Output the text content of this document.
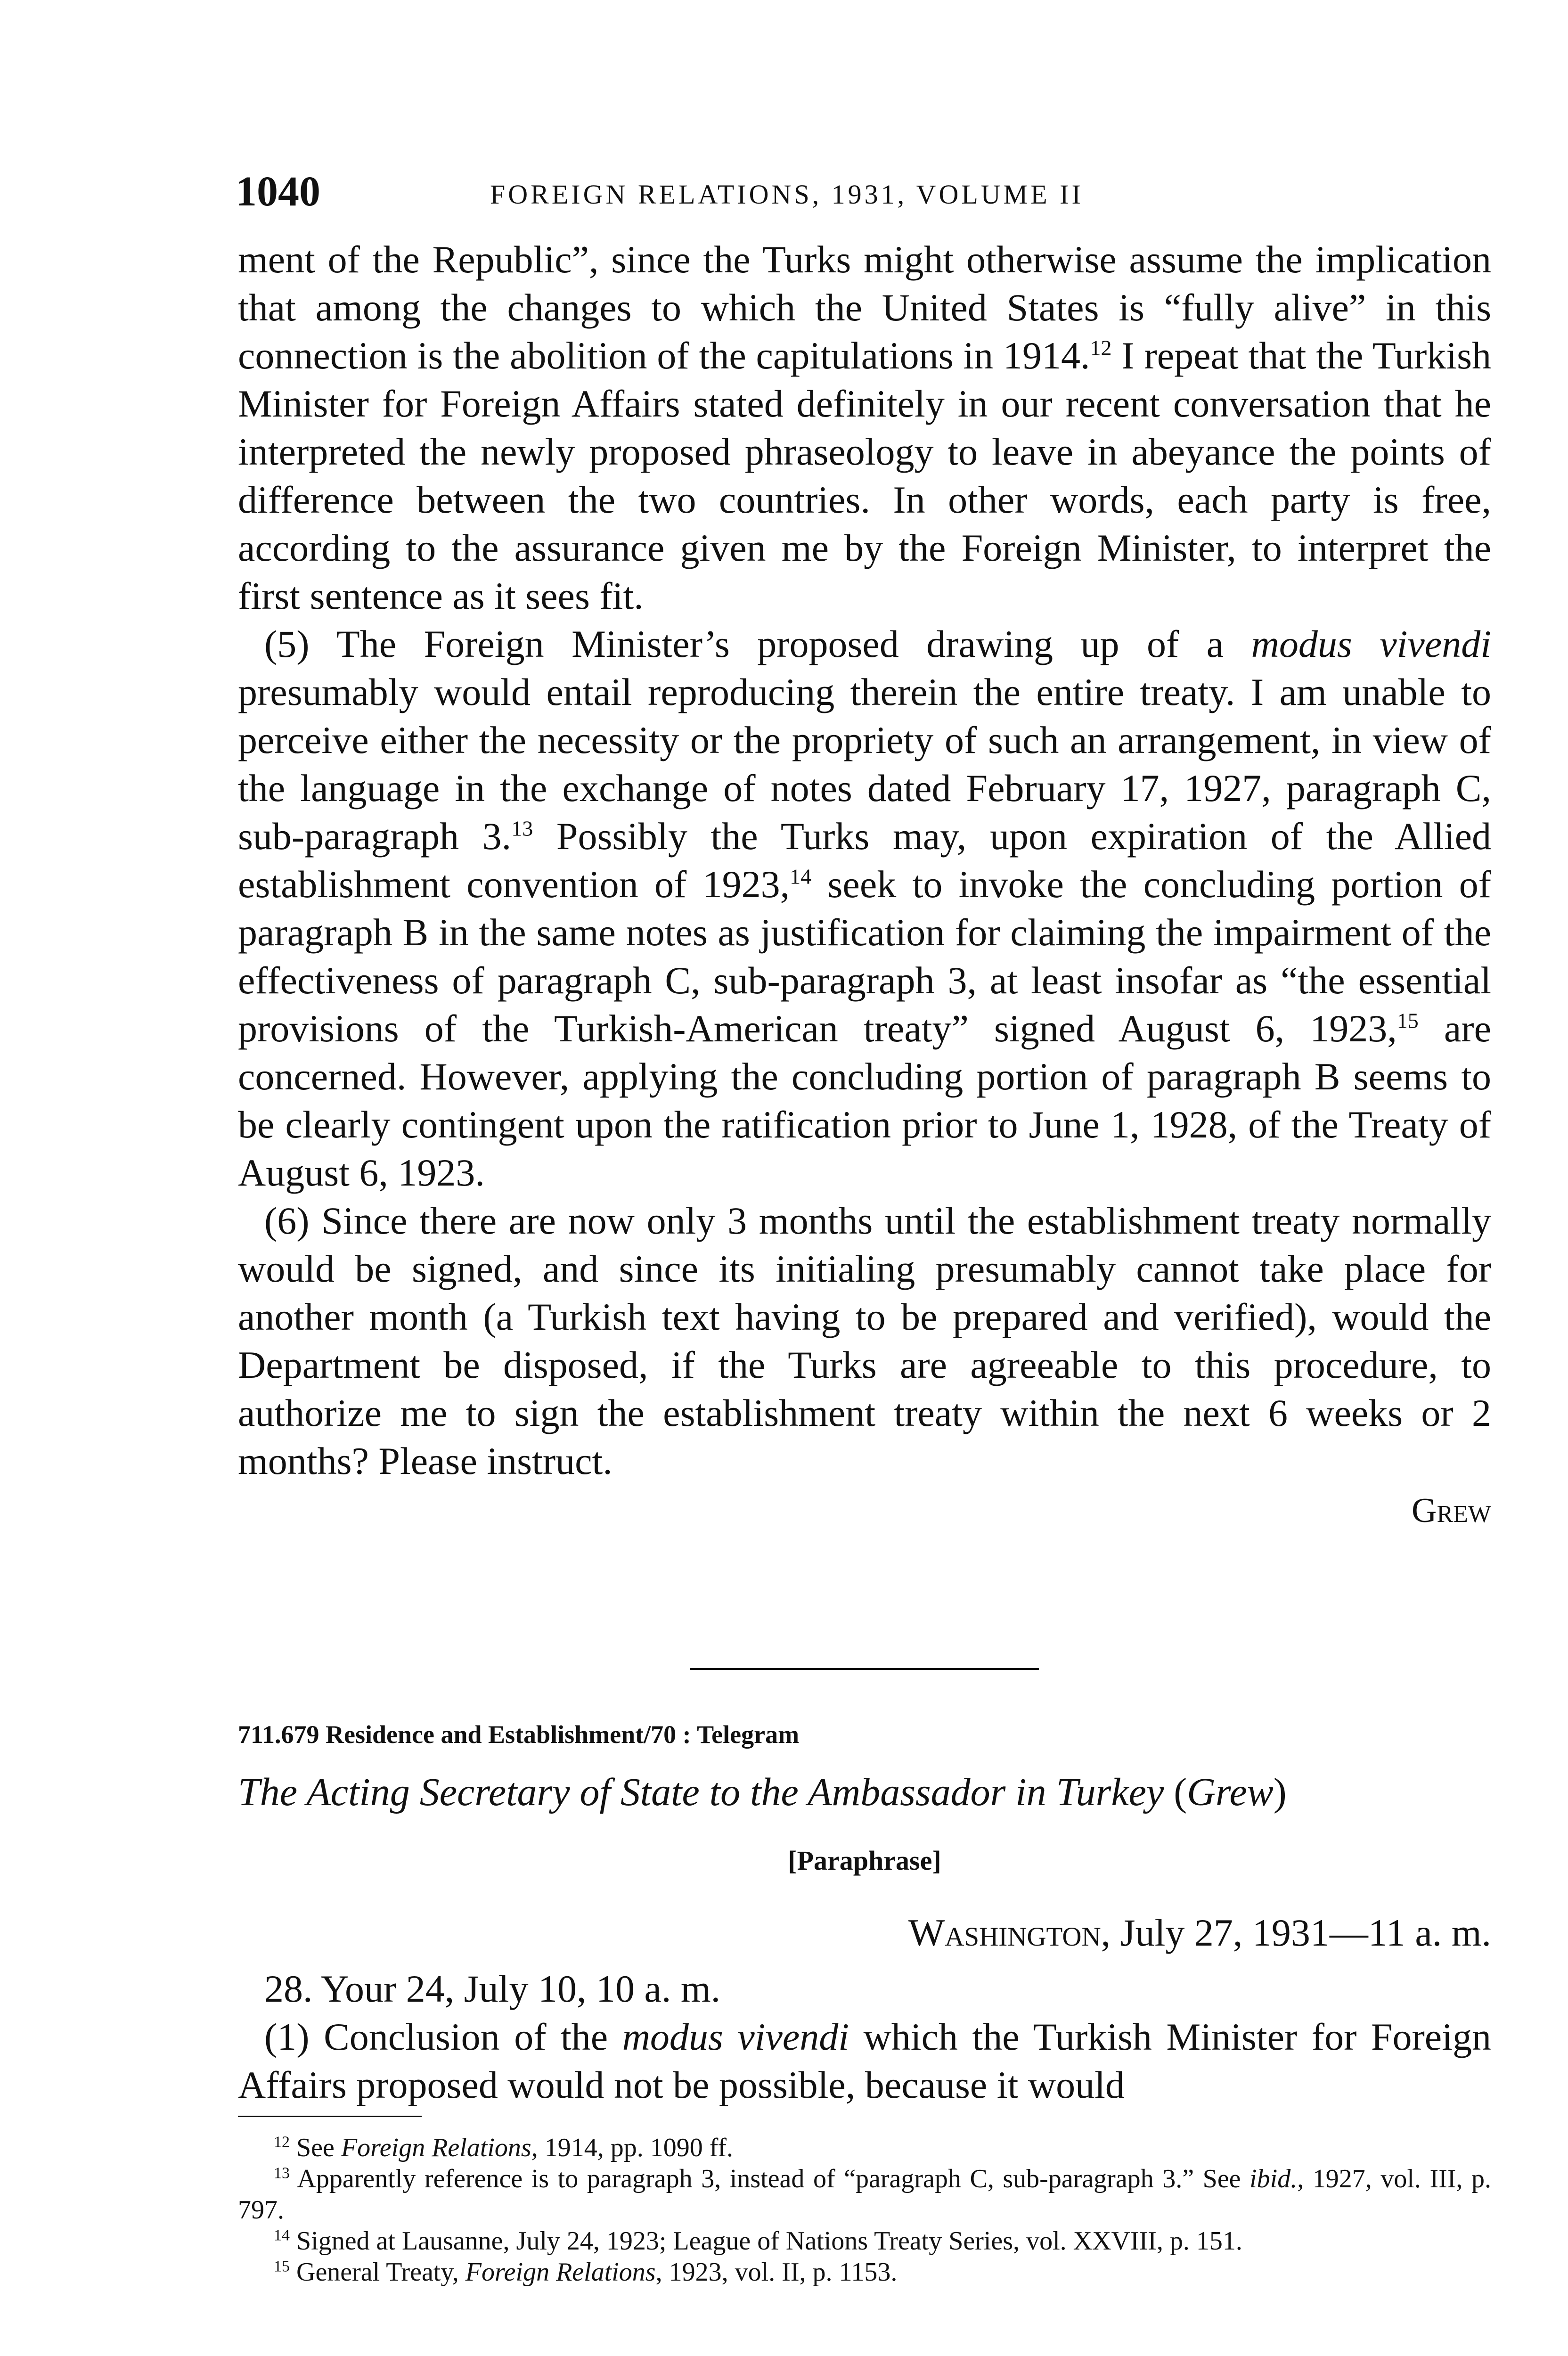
1040	FOREIGN RELATIONS, 1931, VOLUME II

ment of the Republic”, since the Turks might otherwise assume the implication that among the changes to which the United States is “fully alive” in this connection is the abolition of the capitulations in 1914.12 I repeat that the Turkish Minister for Foreign Affairs stated definitely in our recent conversation that he interpreted the newly proposed phraseology to leave in abeyance the points of difference between the two countries. In other words, each party is free, according to the assurance given me by the Foreign Minister, to interpret the first sentence as it sees fit.

(5) The Foreign Minister’s proposed drawing up of a modus vivendi presumably would entail reproducing therein the entire treaty. I am unable to perceive either the necessity or the propriety of such an arrangement, in view of the language in the exchange of notes dated February 17, 1927, paragraph C, sub-paragraph 3.13 Possibly the Turks may, upon expiration of the Allied establishment convention of 1923,14 seek to invoke the concluding portion of paragraph B in the same notes as justification for claiming the impairment of the effectiveness of paragraph C, sub-paragraph 3, at least insofar as “the essential provisions of the Turkish-American treaty” signed August 6, 1923,15 are concerned. However, applying the concluding portion of paragraph B seems to be clearly contingent upon the ratification prior to June 1, 1928, of the Treaty of August 6, 1923.

(6) Since there are now only 3 months until the establishment treaty normally would be signed, and since its initialing presumably cannot take place for another month (a Turkish text having to be prepared and verified), would the Department be disposed, if the Turks are agreeable to this procedure, to authorize me to sign the establishment treaty within the next 6 weeks or 2 months? Please instruct.

Grew

711.679 Residence and Establishment/70 : Telegram
The Acting Secretary of State to the Ambassador in Turkey (Grew)
[Paraphrase]
Washington, July 27, 1931—11 a. m.

28. Your 24, July 10, 10 a. m.

(1) Conclusion of the modus vivendi which the Turkish Minister for Foreign Affairs proposed would not be possible, because it would

$^{12}$ See Foreign Relations, 1914, pp. 1090 ff.

$^{13}$ Apparently reference is to paragraph 3, instead of “paragraph C, sub-paragraph 3.” See ibid., 1927, vol. III, p. 797.

$^{14}$ Signed at Lausanne, July 24, 1923; League of Nations Treaty Series, vol. XXVIII, p. 151.

$^{15}$ General Treaty, Foreign Relations, 1923, vol. II, p. 1153.
